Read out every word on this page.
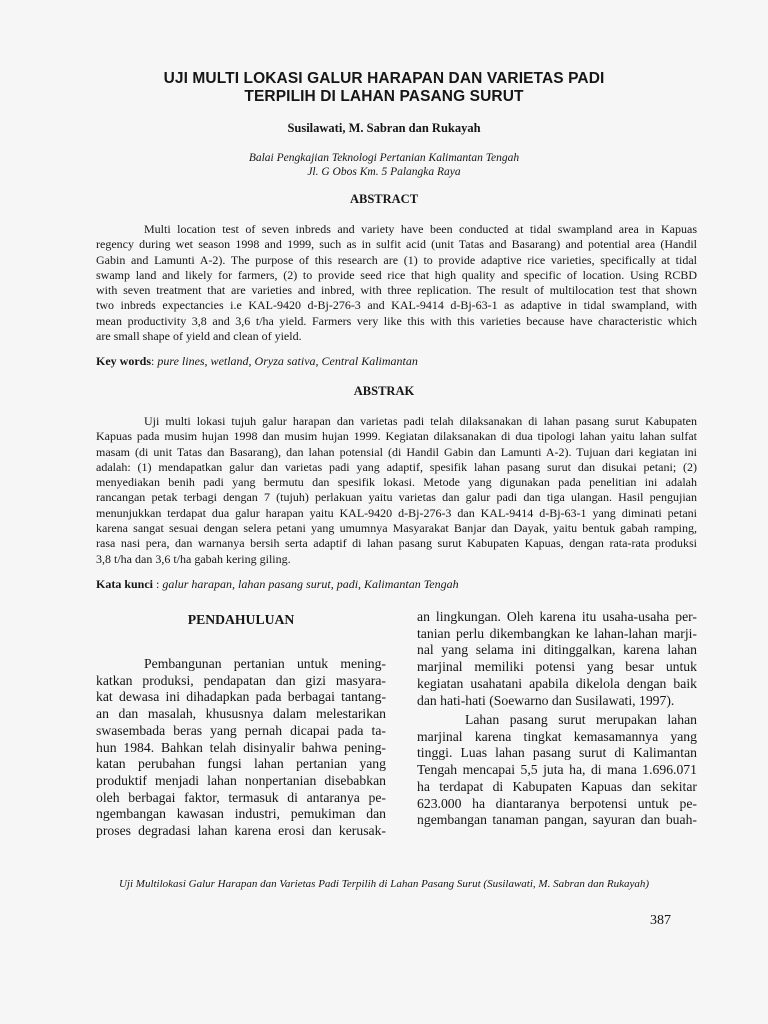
UJI MULTI LOKASI GALUR HARAPAN DAN VARIETAS PADI
TERPILIH DI LAHAN PASANG SURUT
Susilawati, M. Sabran dan Rukayah
Balai Pengkajian Teknologi Pertanian Kalimantan Tengah
Jl. G Obos Km. 5 Palangka Raya
ABSTRACT
Multi location test of seven inbreds and variety have been conducted at tidal swampland area in Kapuas
regency during wet season 1998 and 1999, such as in sulfit acid (unit Tatas and Basarang) and potential area (Handil
Gabin and Lamunti A-2). The purpose of this research are (1) to provide adaptive rice varieties, specifically at tidal
swamp land and likely for farmers, (2) to provide seed rice that high quality and specific of location. Using RCBD
with seven treatment that are varieties and inbred, with three replication. The result of multilocation test that shown
two inbreds expectancies i.e KAL-9420 d-Bj-276-3 and KAL-9414 d-Bj-63-1 as adaptive in tidal swampland, with
mean productivity 3,8 and 3,6 t/ha yield. Farmers very like this with this varieties because have characteristic which
are small shape of yield and clean of yield.
Key words: pure lines, wetland, Oryza sativa, Central Kalimantan
ABSTRAK
Uji multi lokasi tujuh galur harapan dan varietas padi telah dilaksanakan di lahan pasang surut Kabupaten
Kapuas pada musim hujan 1998 dan musim hujan 1999. Kegiatan dilaksanakan di dua tipologi lahan yaitu lahan sulfat
masam (di unit Tatas dan Basarang), dan lahan potensial (di Handil Gabin dan Lamunti A-2). Tujuan dari kegiatan ini
adalah: (1) mendapatkan galur dan varietas padi yang adaptif, spesifik lahan pasang surut dan disukai petani; (2)
menyediakan benih padi yang bermutu dan spesifik lokasi. Metode yang digunakan pada penelitian ini adalah
rancangan petak terbagi dengan 7 (tujuh) perlakuan yaitu varietas dan galur padi dan tiga ulangan. Hasil pengujian
menunjukkan terdapat dua galur harapan yaitu KAL-9420 d-Bj-276-3 dan KAL-9414 d-Bj-63-1 yang diminati petani
karena sangat sesuai dengan selera petani yang umumnya Masyarakat Banjar dan Dayak, yaitu bentuk gabah ramping,
rasa nasi pera, dan warnanya bersih serta adaptif di lahan pasang surut Kabupaten Kapuas, dengan rata-rata produksi
3,8 t/ha dan 3,6 t/ha gabah kering giling.
Kata kunci : galur harapan, lahan pasang surut, padi, Kalimantan Tengah
PENDAHULUAN
Pembangunan pertanian untuk mening-
katkan produksi, pendapatan dan gizi masyara-
kat dewasa ini dihadapkan pada berbagai tantang-
an dan masalah, khususnya dalam melestarikan
swasembada beras yang pernah dicapai pada ta-
hun 1984. Bahkan telah disinyalir bahwa pening-
katan perubahan fungsi lahan pertanian yang
produktif menjadi lahan nonpertanian disebabkan
oleh berbagai faktor, termasuk di antaranya pe-
ngembangan kawasan industri, pemukiman dan
proses degradasi lahan karena erosi dan kerusak-
an lingkungan. Oleh karena itu usaha-usaha per-
tanian perlu dikembangkan ke lahan-lahan marji-
nal yang selama ini ditinggalkan, karena lahan
marjinal memiliki potensi yang besar untuk
kegiatan usahatani apabila dikelola dengan baik
dan hati-hati (Soewarno dan Susilawati, 1997).
Lahan pasang surut merupakan lahan
marjinal karena tingkat kemasamannya yang
tinggi. Luas lahan pasang surut di Kalimantan
Tengah mencapai 5,5 juta ha, di mana 1.696.071
ha terdapat di Kabupaten Kapuas dan sekitar
623.000 ha diantaranya berpotensi untuk pe-
ngembangan tanaman pangan, sayuran dan buah-
Uji Multilokasi Galur Harapan dan Varietas Padi Terpilih di Lahan Pasang Surut (Susilawati, M. Sabran dan Rukayah)
387
